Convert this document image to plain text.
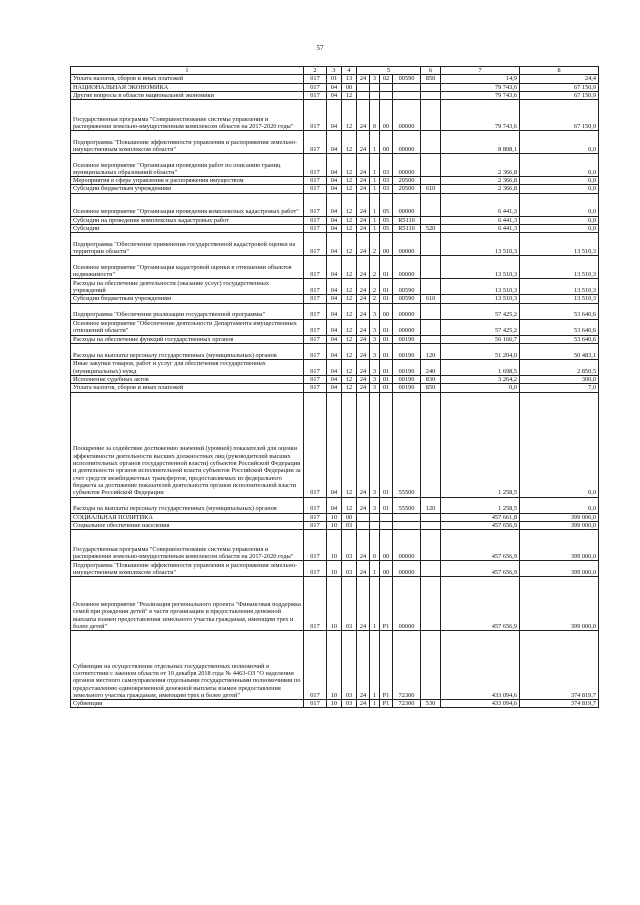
57
1	2	3	4	5				6	7	8
Уплата налогов, сборов и иных платежей	017	01	13	24	3	02	00590	850	14,9	24,4
НАЦИОНАЛЬНАЯ ЭКОНОМИКА	017	04	00						79 743,6	67 150,9
Другие вопросы в области национальной экономики	017	04	12						79 743,6	67 150,9
Государственная программа "Совершенствование системы управления и распоряжения земельно-имущественным комплексом области на 2017-2020 годы"	017	04	12	24	0	00	00000		79 743,6	67 150,9
Подпрограмма "Повышение эффективности управления и распоряжения земельно-имущественным комплексом области"	017	04	12	24	1	00	00000		8 808,1	0,0
Основное мероприятие "Организация проведения работ по описанию границ муниципальных образований области"	017	04	12	24	1	03	00000		2 366,8	0,0
Мероприятия в сфере управления и распоряжения имуществом	017	04	12	24	1	03	20500		2 366,8	0,0
Субсидии бюджетным учреждениям	017	04	12	24	1	03	20500	610	2 366,8	0,0
Основное мероприятие "Организация проведения комплексных кадастровых работ"	017	04	12	24	1	05	00000		6 441,3	0,0
Субсидии на проведение комплексных кадастровых работ	017	04	12	24	1	05	R5110		6 441,3	0,0
Субсидии	017	04	12	24	1	05	R5110	520	6 441,3	0,0
Подпрограмма "Обеспечение применения государственной кадастровой оценки на территории области"	017	04	12	24	2	00	00000		13 510,3	13 510,3
Основное мероприятие "Организация кадастровой оценки в отношении объектов недвижимости"	017	04	12	24	2	01	00000		13 510,3	13 510,3
Расходы на обеспечение деятельности (оказание услуг) государственных учреждений	017	04	12	24	2	01	00590		13 510,3	13 510,3
Субсидии бюджетным учреждениям	017	04	12	24	2	01	00590	610	13 510,3	13 510,3
Подпрограмма "Обеспечение реализации государственной программы"	017	04	12	24	3	00	00000		57 425,2	53 640,6
Основное мероприятие "Обеспечение деятельности Департамента имущественных отношений области"	017	04	12	24	3	01	00000		57 425,2	53 640,6
Расходы на обеспечение функций государственных органов	017	04	12	24	3	01	00190		56 166,7	53 640,6
Расходы на выплаты персоналу государственных (муниципальных) органов	017	04	12	24	3	01	00190	120	51 204,0	50 483,1
Иные закупки товаров, работ и услуг для обеспечения государственных (муниципальных) нужд	017	04	12	24	3	01	00190	240	1 698,5	2 850,5
Исполнение судебных актов	017	04	12	24	3	01	00190	830	3 264,2	300,0
Уплата налогов, сборов и иных платежей	017	04	12	24	3	01	00190	850	0,0	7,0
Поощрение за содействие достижению значений (уровней) показателей для оценки эффективности деятельности высших должностных лиц (руководителей высших исполнительных органов государственной власти) субъектов Российской Федерации и деятельности органов исполнительной власти субъектов Российской Федерации за счет средств межбюджетных трансфертов, предоставляемых из федерального бюджета за достижение показателей деятельности органов исполнительной власти субъектов Российской Федерации	017	04	12	24	3	01	55500		1 258,5	0,0
Расходы на выплаты персоналу государственных (муниципальных) органов	017	04	12	24	3	01	55500	120	1 258,5	0,0
СОЦИАЛЬНАЯ ПОЛИТИКА	017	10	00						457 661,8	399 006,0
Социальное обеспечение населения	017	10	03						457 656,9	399 000,0
Государственная программа "Совершенствование системы управления и распоряжения земельно-имущественным комплексом области на 2017-2020 годы"	017	10	03	24	0	00	00000		457 656,9	399 000,0
Подпрограмма "Повышение эффективности управления и распоряжения земельно-имущественным комплексом области"	017	10	03	24	1	00	00000		457 656,9	399 000,0
Основное мероприятие "Реализация регионального проекта "Финансовая поддержка семей при рождении детей" в части организации и предоставления денежной выплаты взамен предоставления земельного участка гражданам, имеющим трех и более детей"	017	10	03	24	1	P1	00000		457 656,9	399 000,0
Субвенции на осуществление отдельных государственных полномочий в соответствии с законом области от 10 декабря 2018 года № 4463-ОЗ "О наделении органов местного самоуправления отдельными государственными полномочиями по предоставлению единовременной денежной выплаты взамен предоставления земельного участка гражданам, имеющим трех и более детей"	017	10	03	24	1	P1	72300		433 094,6	374 819,7
Субвенции	017	10	03	24	1	P1	72300	530	433 094,6	374 819,7
